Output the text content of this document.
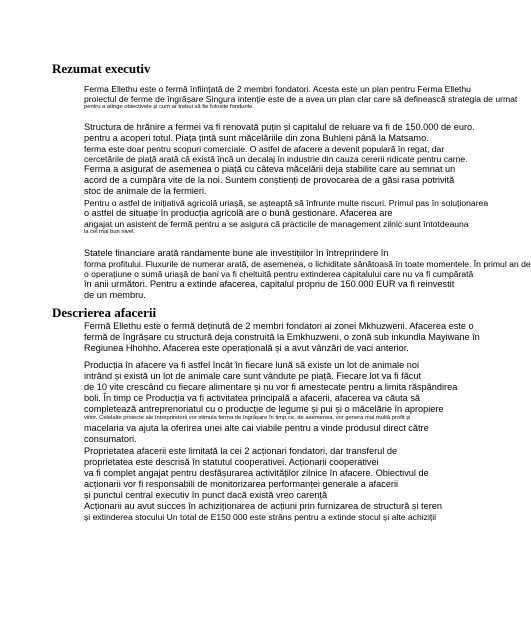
Rezumat executiv
Ferma Ellethu este o fermă înființată de 2 membri fondatori. Acesta este un plan pentru Ferma Ellethu
proiectul de ferme de îngrășare Singura intenție este de a avea un plan clar care să definească strategia de urmat
pentru a atinge obiectivele și cum ar trebui să fie folosite fondurile.
Structura de hrănire a fermei va fi renovată puțin și capitalul de reluare va fi de 150.000 de euro.
pentru a acoperi totul. Piața țintă sunt măcelăriile din zona Buhleni până la Matsamo.
ferma este doar pentru scopuri comerciale. O astfel de afacere a devenit populară în regat, dar
cercetările de piață arată că există încă un decalaj în industrie din cauza cererii ridicate pentru carne.
Ferma a asigurat de asemenea o piață cu câteva măcelării deja stabilite care au semnat un
acord de a cumpăra vite de la noi. Suntem conștienți de provocarea de a găsi rasa potrivită
stoc de animale de la fermieri.
Pentru o astfel de inițiativă agricolă uriașă, se așteaptă să înfrunte multe riscuri. Primul pas în soluționarea
o astfel de situație în producția agricolă are o bună gestionare. Afacerea are
angajat un asistent de fermă pentru a se asigura că practicile de management zilnic sunt întotdeauna
la cel mai bun nivel.
Statele financiare arată randamente bune ale investițiilor în întreprindere în
forma profitului. Fluxurile de numerar arată, de asemenea, o lichiditate sănătoasă în toate momentele. În primul an de
o operațiune o sumă uriașă de bani va fi cheltuită pentru extinderea capitalului care nu va fi cumpărată
în anii următori. Pentru a extinde afacerea, capitalul propriu de 150.000 EUR va fi reinvestit
de un membru.
Descrierea afacerii
Fermă Ellethu este o fermă deținută de 2 membri fondatori ai zonei Mkhuzweni. Afacerea este o
fermă de îngrășare cu structură deja construită la Emkhuzweni, o zonă sub inkundla Mayiwane în
Regiunea Hhohho. Afacerea este operațională și a avut vânzări de vaci anterior.
Producția în afacere va fi astfel încât în fiecare lună să existe un lot de animale noi
intrând și există un lot de animale care sunt vândute pe piață. Fiecare lot va fi făcut
de 10 vite crescând cu fiecare alimentare și nu vor fi amestecate pentru a limita răspândirea
boli. În timp ce Producția va fi activitatea principală a afacerii, afacerea va căuta să
completează antreprenoriatul cu o producție de legume și pui și o măcelărie în apropiere
viitor. Celelalte proiecte ale întreprinderii vor stimula ferma de îngrășare în timp ce, de asemenea, vor genera mai multă profit și
macelaria va ajuta la oferirea unei alte cai viabile pentru a vinde produsul direct către
consumatori.
Proprietatea afacerii este limitată la cei 2 acționari fondatori, dar transferul de
proprietatea este descrisă în statutul cooperativei. Acționarii cooperativei
va fi complet angajat pentru desfășurarea activităților zilnice în afacere. Obiectivul de
acționarii vor fi responsabili de monitorizarea performanței generale a afacerii
și punctul central executiv în punct dacă există vreo carență
Acționarii au avut succes în achiziționarea de acțiuni prin furnizarea de structură și teren
și extinderea stocului Un total de E150 000 este strâns pentru a extinde stocul și alte achiziții
